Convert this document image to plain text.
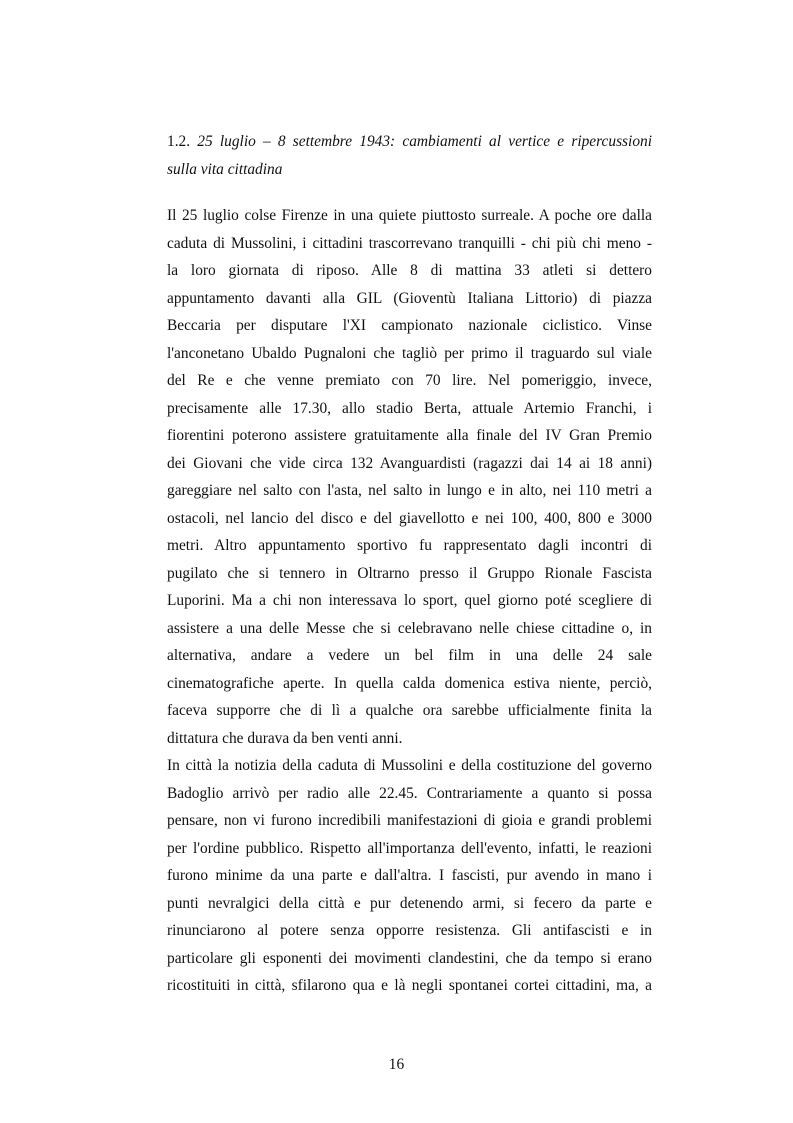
1.2. 25 luglio – 8 settembre 1943: cambiamenti al vertice e ripercussioni
sulla vita cittadina
Il 25 luglio colse Firenze in una quiete piuttosto surreale. A poche ore dalla
caduta di Mussolini, i cittadini trascorrevano tranquilli - chi più chi meno -
la loro giornata di riposo. Alle 8 di mattina 33 atleti si dettero
appuntamento davanti alla GIL (Gioventù Italiana Littorio) di piazza
Beccaria per disputare l'XI campionato nazionale ciclistico. Vinse
l'anconetano Ubaldo Pugnaloni che tagliò per primo il traguardo sul viale
del Re e che venne premiato con 70 lire. Nel pomeriggio, invece,
precisamente alle 17.30, allo stadio Berta, attuale Artemio Franchi, i
fiorentini poterono assistere gratuitamente alla finale del IV Gran Premio
dei Giovani che vide circa 132 Avanguardisti (ragazzi dai 14 ai 18 anni)
gareggiare nel salto con l'asta, nel salto in lungo e in alto, nei 110 metri a
ostacoli, nel lancio del disco e del giavellotto e nei 100, 400, 800 e 3000
metri. Altro appuntamento sportivo fu rappresentato dagli incontri di
pugilato che si tennero in Oltrarno presso il Gruppo Rionale Fascista
Luporini. Ma a chi non interessava lo sport, quel giorno poté scegliere di
assistere a una delle Messe che si celebravano nelle chiese cittadine o, in
alternativa, andare a vedere un bel film in una delle 24 sale
cinematografiche aperte. In quella calda domenica estiva niente, perciò,
faceva supporre che di lì a qualche ora sarebbe ufficialmente finita la
dittatura che durava da ben venti anni.
In città la notizia della caduta di Mussolini e della costituzione del governo
Badoglio arrivò per radio alle 22.45. Contrariamente a quanto si possa
pensare, non vi furono incredibili manifestazioni di gioia e grandi problemi
per l'ordine pubblico. Rispetto all'importanza dell'evento, infatti, le reazioni
furono minime da una parte e dall'altra. I fascisti, pur avendo in mano i
punti nevralgici della città e pur detenendo armi, si fecero da parte e
rinunciarono al potere senza opporre resistenza. Gli antifascisti e in
particolare gli esponenti dei movimenti clandestini, che da tempo si erano
ricostituiti in città, sfilarono qua e là negli spontanei cortei cittadini, ma, a
16
